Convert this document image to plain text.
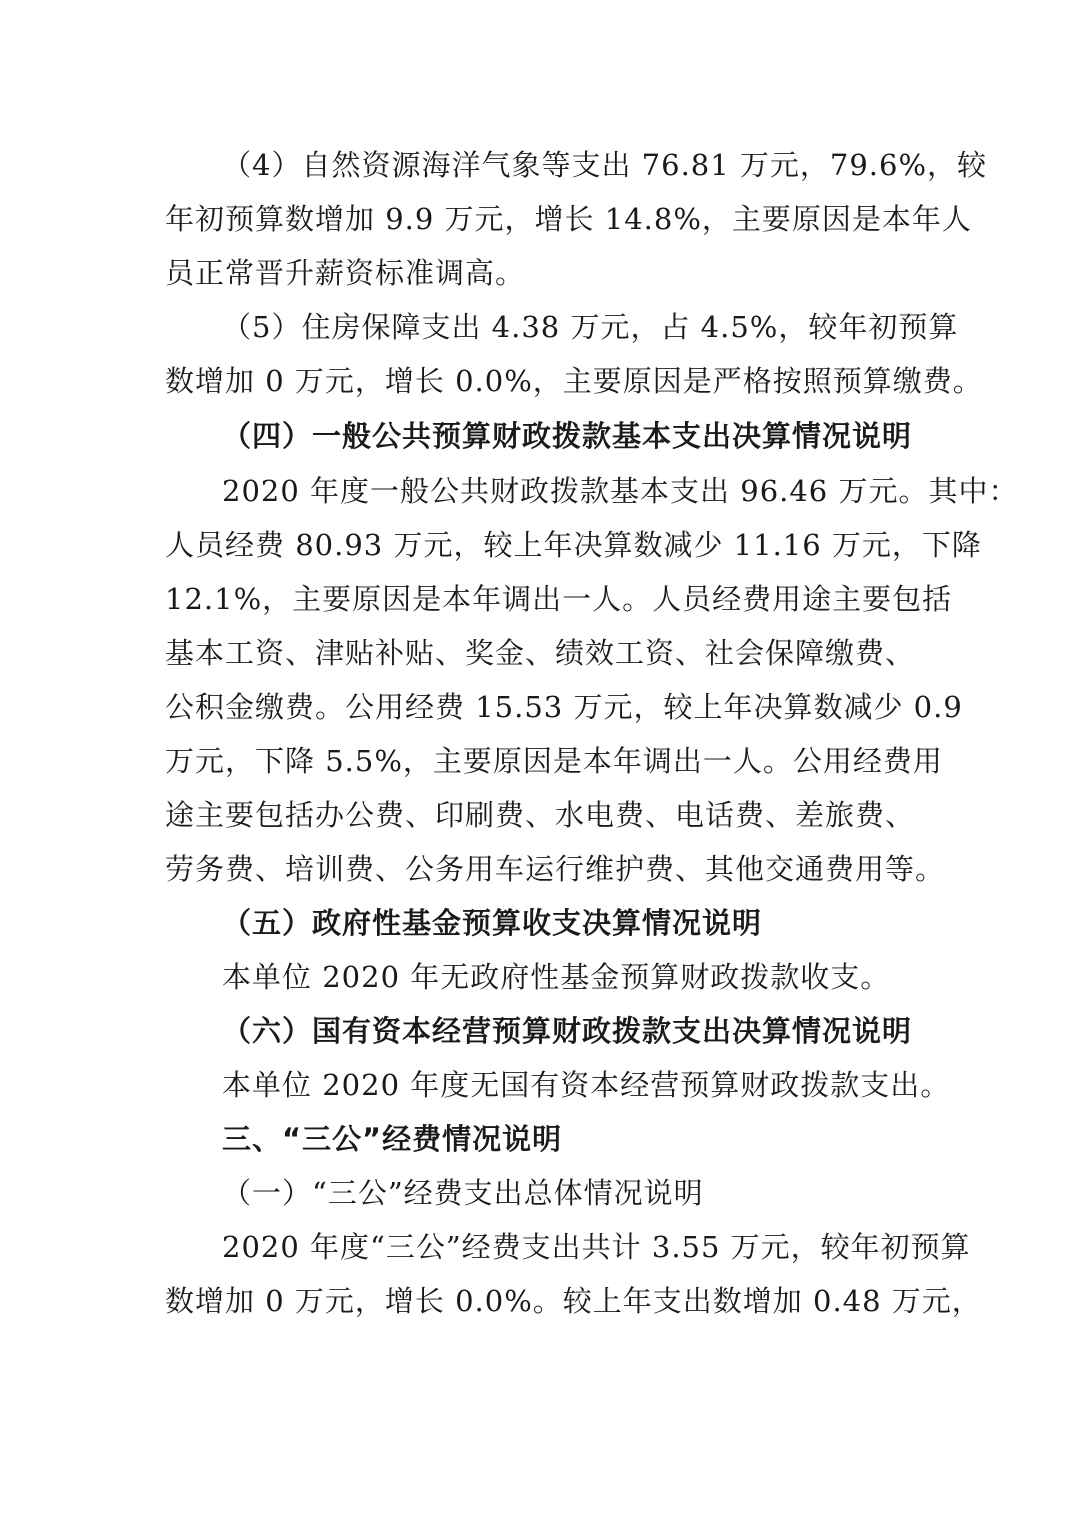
（4）自然资源海洋气象等支出 76.81 万元，79.6%，较
年初预算数增加 9.9 万元，增长 14.8%，主要原因是本年人
员正常晋升薪资标准调高。
（5）住房保障支出 4.38 万元，占 4.5%，较年初预算
数增加 0 万元，增长 0.0%，主要原因是严格按照预算缴费。
（四）一般公共预算财政拨款基本支出决算情况说明
2020 年度一般公共财政拨款基本支出 96.46 万元。其中：
人员经费 80.93 万元，较上年决算数减少 11.16 万元，下降
12.1%，主要原因是本年调出一人。人员经费用途主要包括
基本工资、津贴补贴、奖金、绩效工资、社会保障缴费、
公积金缴费。公用经费 15.53 万元，较上年决算数减少 0.9
万元，下降 5.5%，主要原因是本年调出一人。公用经费用
途主要包括办公费、印刷费、水电费、电话费、差旅费、
劳务费、培训费、公务用车运行维护费、其他交通费用等。
（五）政府性基金预算收支决算情况说明
本单位 2020 年无政府性基金预算财政拨款收支。
（六）国有资本经营预算财政拨款支出决算情况说明
本单位 2020 年度无国有资本经营预算财政拨款支出。
三、“三公”经费情况说明
（一）“三公”经费支出总体情况说明
2020 年度“三公”经费支出共计 3.55 万元，较年初预算
数增加 0 万元，增长 0.0%。较上年支出数增加 0.48 万元，
